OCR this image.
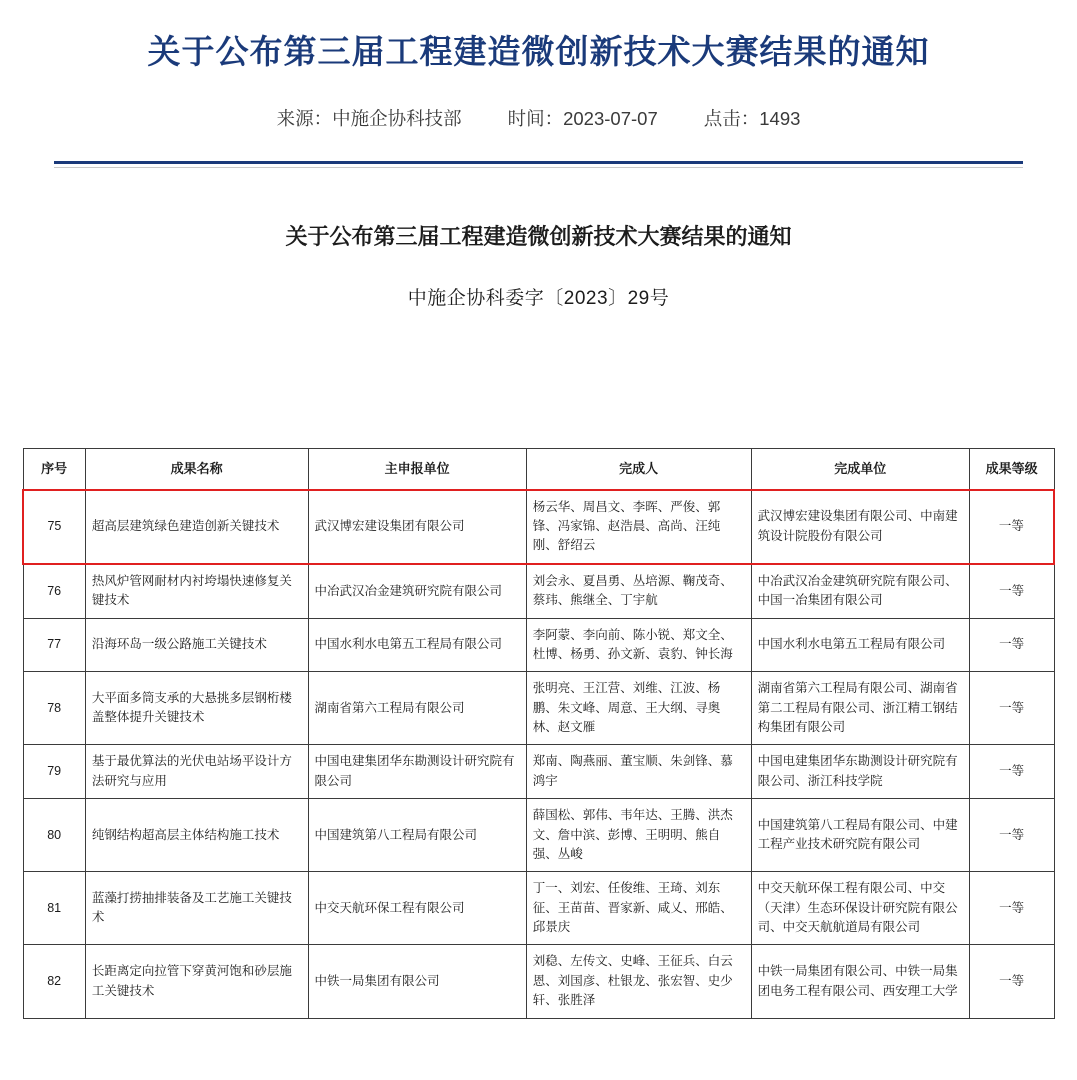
关于公布第三届工程建造微创新技术大赛结果的通知
来源：中施企协科技部 时间：2023-07-07 点击：1493
关于公布第三届工程建造微创新技术大赛结果的通知
中施企协科委字〔2023〕29号
序号	成果名称	主申报单位	完成人	完成单位	成果等级
75	超高层建筑绿色建造创新关键技术	武汉博宏建设集团有限公司	杨云华、周昌文、李晖、严俊、郭锋、冯家锦、赵浩晨、高尚、汪纯刚、舒绍云	武汉博宏建设集团有限公司、中南建筑设计院股份有限公司	一等
76	热风炉管网耐材内衬垮塌快速修复关键技术	中冶武汉冶金建筑研究院有限公司	刘会永、夏昌勇、丛培源、鞠茂奇、蔡玮、熊继全、丁宇航	中冶武汉冶金建筑研究院有限公司、中国一冶集团有限公司	一等
77	沿海环岛一级公路施工关键技术	中国水利水电第五工程局有限公司	李阿蒙、李向前、陈小锐、郑文全、杜博、杨勇、孙文新、袁豹、钟长海	中国水利水电第五工程局有限公司	一等
78	大平面多筒支承的大悬挑多层钢桁楼盖整体提升关键技术	湖南省第六工程局有限公司	张明亮、王江营、刘维、江波、杨鹏、朱文峰、周意、王大纲、寻奥林、赵文雁	湖南省第六工程局有限公司、湖南省第二工程局有限公司、浙江精工钢结构集团有限公司	一等
79	基于最优算法的光伏电站场平设计方法研究与应用	中国电建集团华东勘测设计研究院有限公司	郑南、陶燕丽、董宝顺、朱剑锋、慕鸿宇	中国电建集团华东勘测设计研究院有限公司、浙江科技学院	一等
80	纯钢结构超高层主体结构施工技术	中国建筑第八工程局有限公司	薛国松、郭伟、韦年达、王腾、洪杰文、詹中滨、彭博、王明明、熊自强、丛峻	中国建筑第八工程局有限公司、中建工程产业技术研究院有限公司	一等
81	蓝藻打捞抽排装备及工艺施工关键技术	中交天航环保工程有限公司	丁一、刘宏、任俊维、王琦、刘东征、王苗苗、晋家新、咸乂、邢皓、邱景庆	中交天航环保工程有限公司、中交（天津）生态环保设计研究院有限公司、中交天航航道局有限公司	一等
82	长距离定向拉管下穿黄河饱和砂层施工关键技术	中铁一局集团有限公司	刘稳、左传文、史峰、王征兵、白云恩、刘国彦、杜银龙、张宏智、史少轩、张胜泽	中铁一局集团有限公司、中铁一局集团电务工程有限公司、西安理工大学	一等
